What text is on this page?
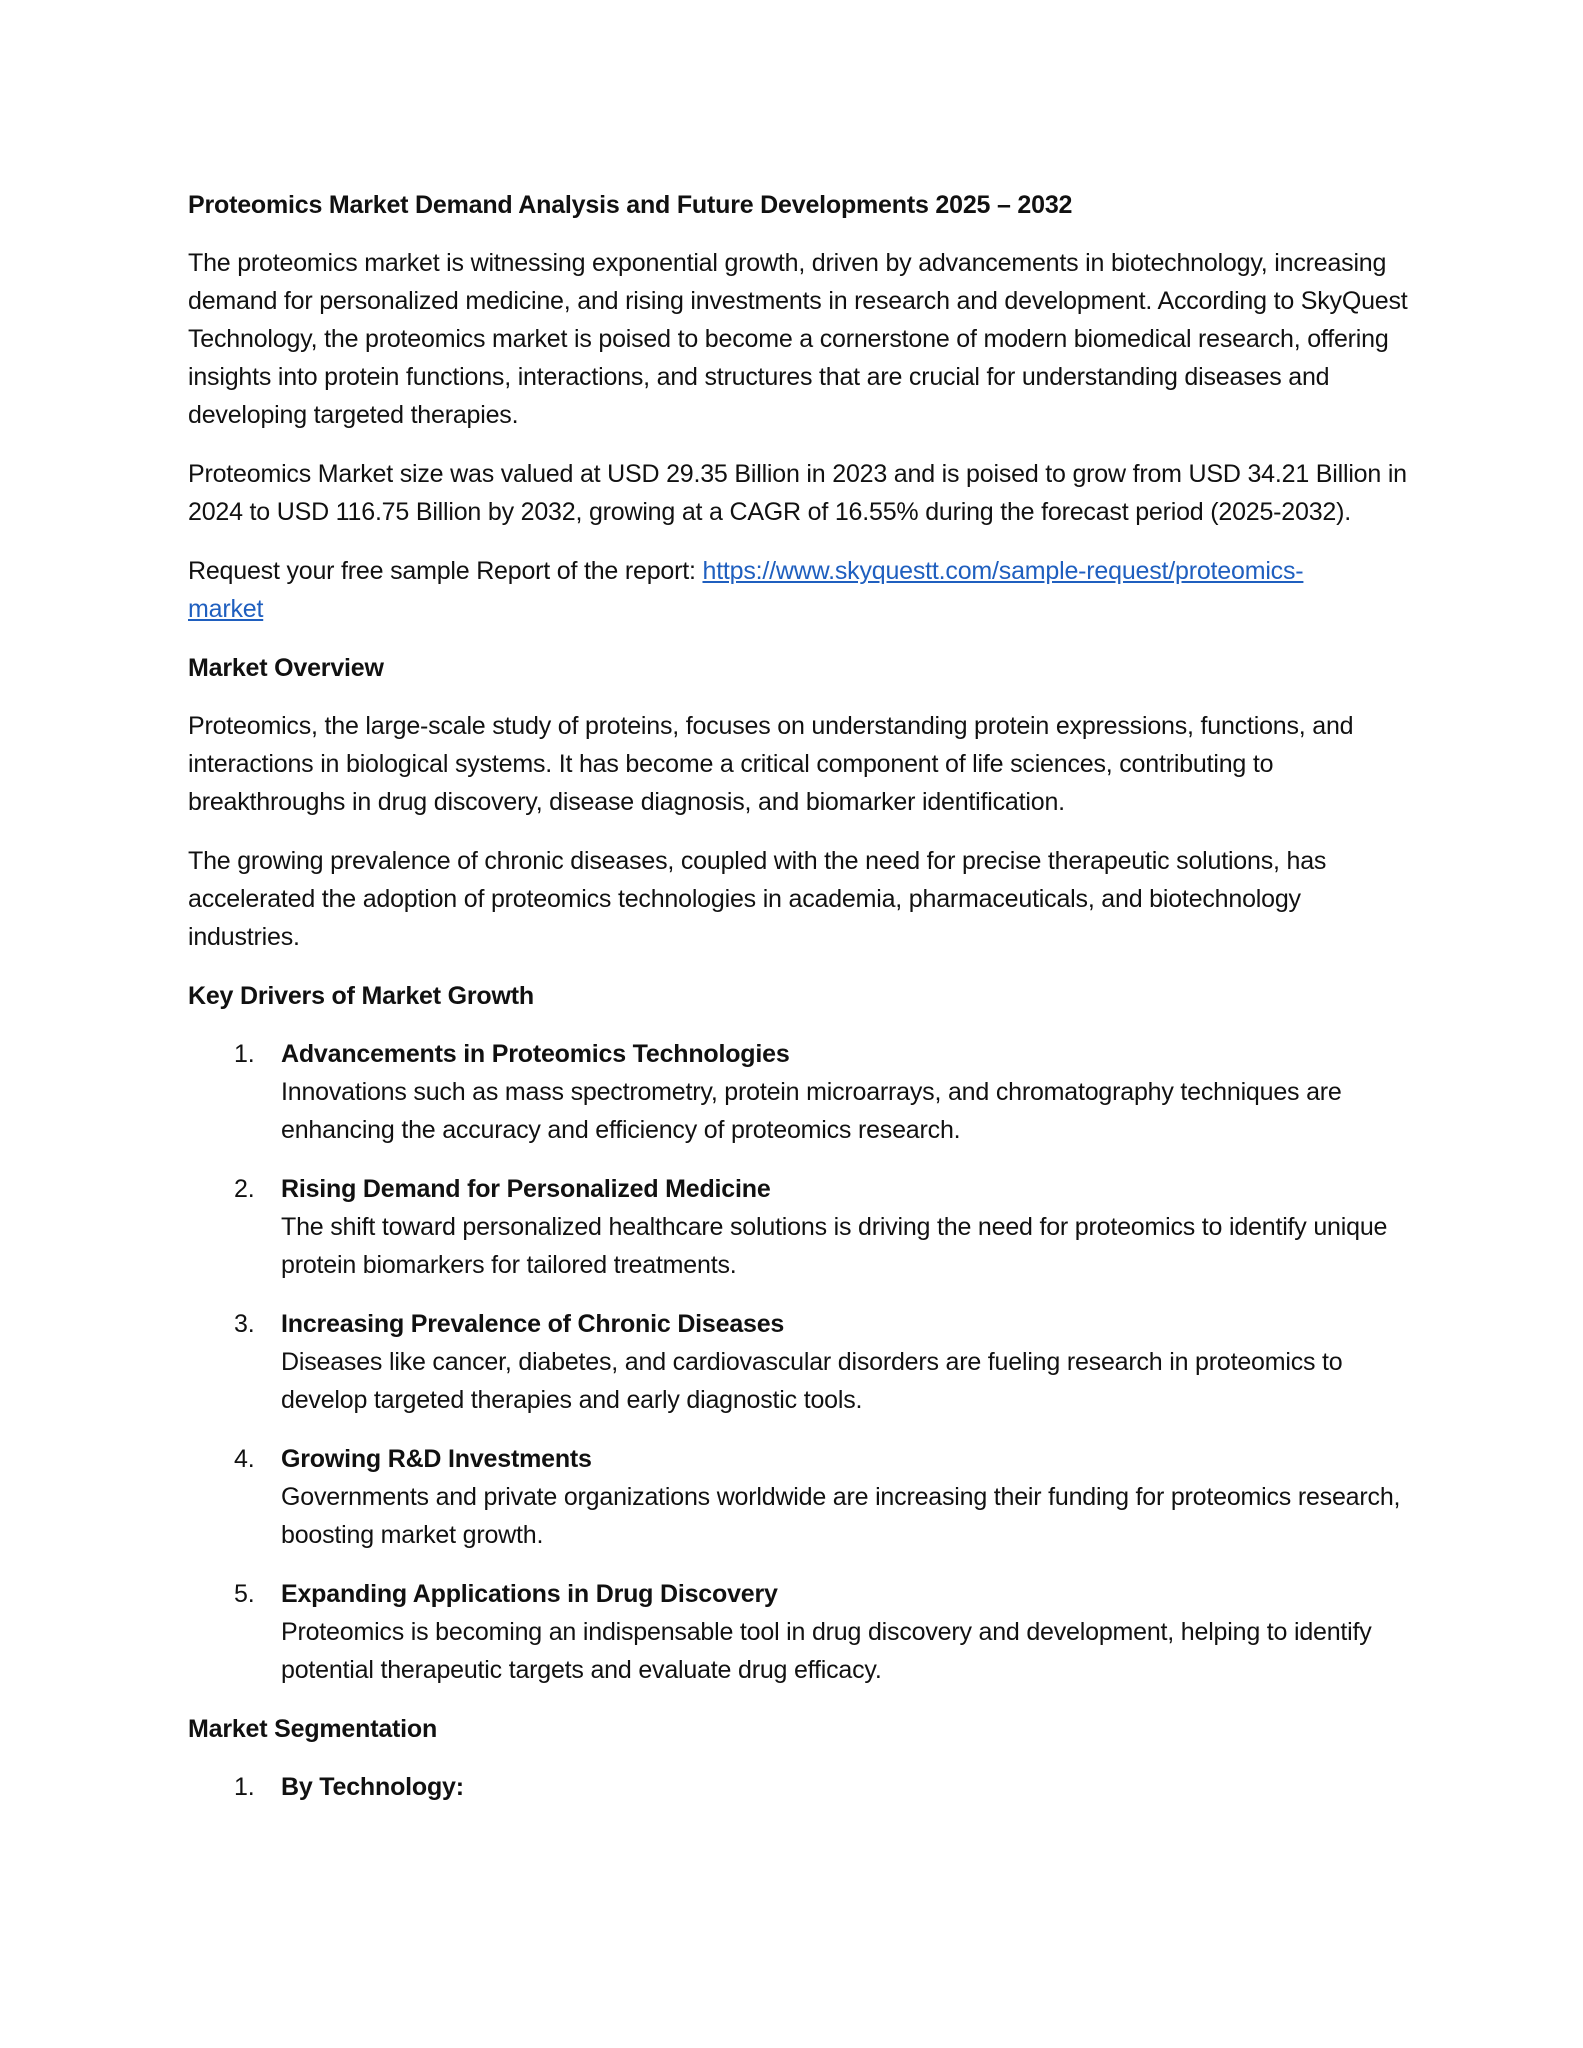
Proteomics Market Demand Analysis and Future Developments 2025 – 2032

The proteomics market is witnessing exponential growth, driven by advancements in biotechnology, increasing demand for personalized medicine, and rising investments in research and development. According to SkyQuest Technology, the proteomics market is poised to become a cornerstone of modern biomedical research, offering insights into protein functions, interactions, and structures that are crucial for understanding diseases and developing targeted therapies.

Proteomics Market size was valued at USD 29.35 Billion in 2023 and is poised to grow from USD 34.21 Billion in 2024 to USD 116.75 Billion by 2032, growing at a CAGR of 16.55% during the forecast period (2025-2032).

Request your free sample Report of the report: https://www.skyquestt.com/sample-request/proteomics-
market

Market Overview

Proteomics, the large-scale study of proteins, focuses on understanding protein expressions, functions, and interactions in biological systems. It has become a critical component of life sciences, contributing to breakthroughs in drug discovery, disease diagnosis, and biomarker identification.

The growing prevalence of chronic diseases, coupled with the need for precise therapeutic solutions, has accelerated the adoption of proteomics technologies in academia, pharmaceuticals, and biotechnology industries.

Key Drivers of Market Growth

1. Advancements in Proteomics Technologies
Innovations such as mass spectrometry, protein microarrays, and chromatography techniques are enhancing the accuracy and efficiency of proteomics research.
2. Rising Demand for Personalized Medicine
The shift toward personalized healthcare solutions is driving the need for proteomics to identify unique protein biomarkers for tailored treatments.
3. Increasing Prevalence of Chronic Diseases
Diseases like cancer, diabetes, and cardiovascular disorders are fueling research in proteomics to develop targeted therapies and early diagnostic tools.
4. Growing R&D Investments
Governments and private organizations worldwide are increasing their funding for proteomics research, boosting market growth.
5. Expanding Applications in Drug Discovery
Proteomics is becoming an indispensable tool in drug discovery and development, helping to identify potential therapeutic targets and evaluate drug efficacy.

Market Segmentation

1. By Technology:
